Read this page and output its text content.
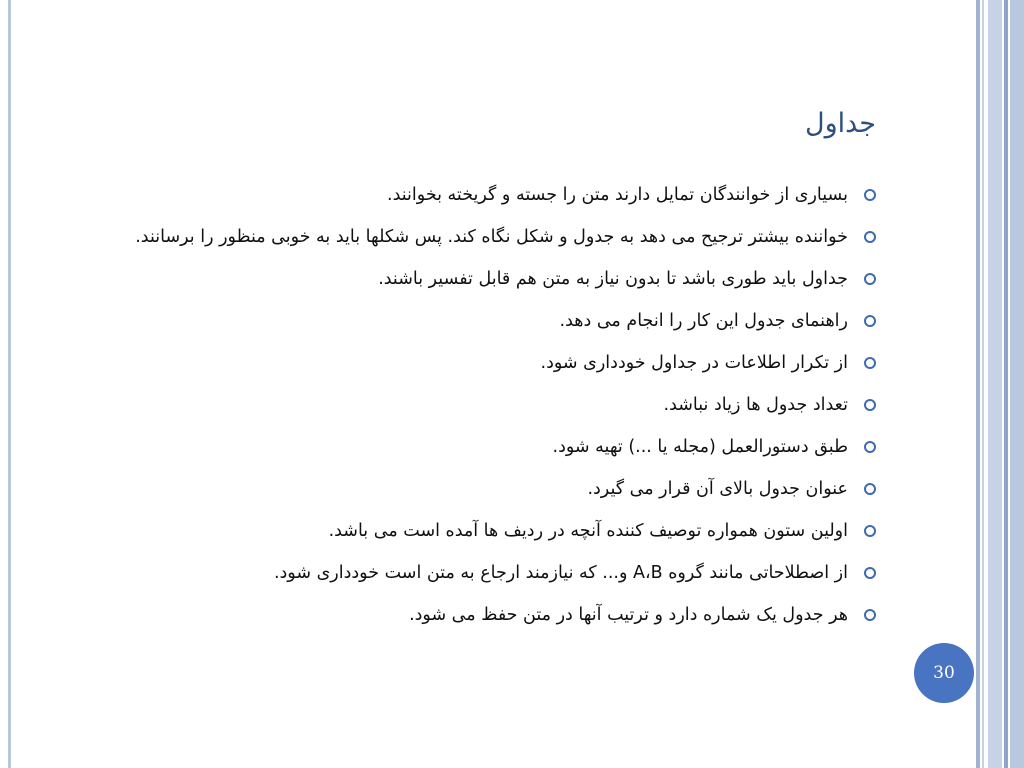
جداول
بسیاری از خوانندگان تمایل دارند متن را جسته و گریخته بخوانند.
خواننده بیشتر ترجیح می دهد به جدول و شکل نگاه کند. پس شکلها باید به خوبی منظور را برسانند.
جداول باید طوری باشد تا بدون نیاز به متن هم قابل تفسیر باشند.
راهنمای جدول این کار را انجام می دهد.
از تکرار اطلاعات در جداول خودداری شود.
تعداد جدول ها زیاد نباشد.
طبق دستورالعمل (مجله یا ...) تهیه شود.
عنوان جدول بالای آن قرار می گیرد.
اولین ستون همواره توصیف کننده آنچه در ردیف ها آمده است می باشد.
از اصطلاحاتی مانند گروه A،B و... که نیازمند ارجاع به متن است خودداری شود.
هر جدول یک شماره دارد و ترتیب آنها در متن حفظ می شود.
30
